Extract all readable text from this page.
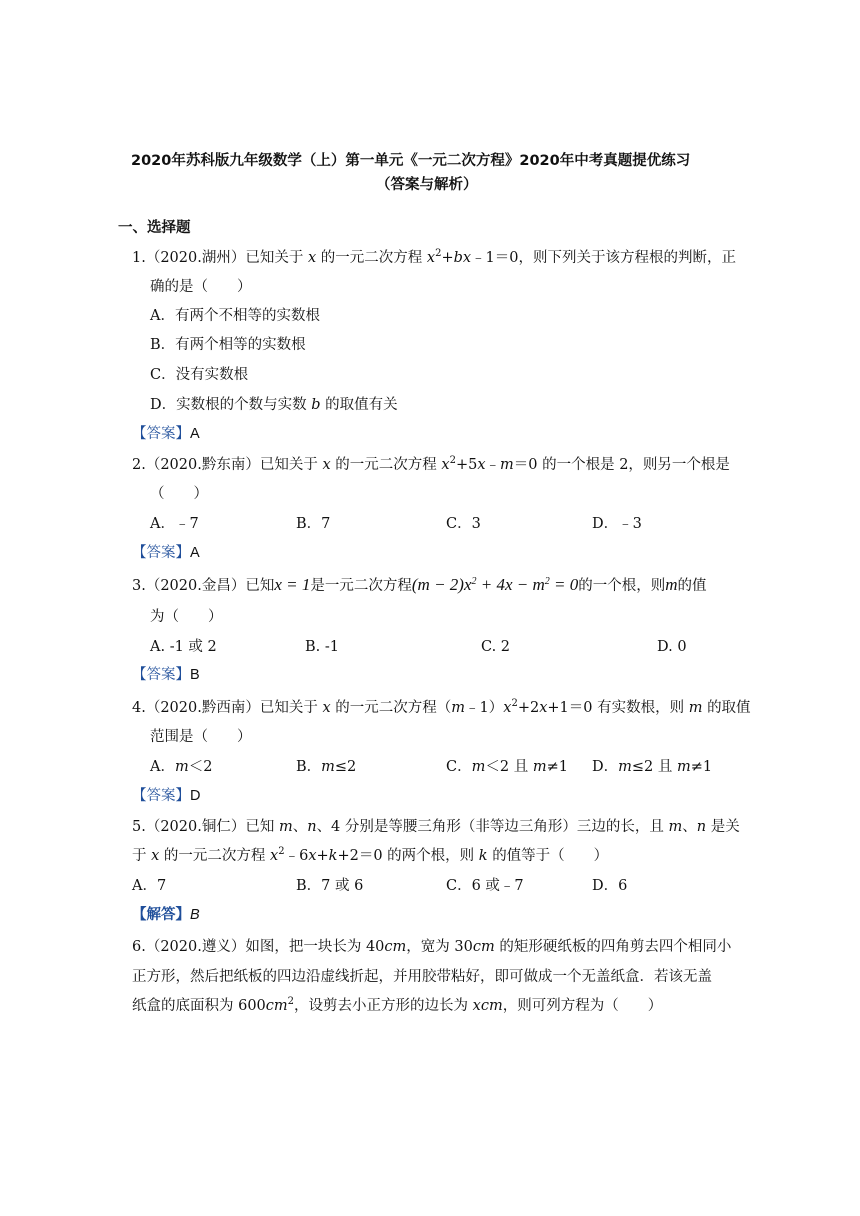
2020年苏科版九年级数学（上）第一单元《一元二次方程》2020年中考真题提优练习
（答案与解析）
一、选择题
1.（2020.湖州）已知关于 x 的一元二次方程 $x^2+bx﹣1=0$，则下列关于该方程根的判断，正
确的是（　　）
A．有两个不相等的实数根
B．有两个相等的实数根
C．没有实数根
D．实数根的个数与实数 b 的取值有关
【答案】A
2.（2020.黔东南）已知关于 x 的一元二次方程 $x^2+5x﹣m=0$ 的一个根是 2，则另一个根是
（　　）
A．﹣7	B．7	C．3	D．﹣3
【答案】A
3.（2020.金昌）已知x = 1是一元二次方程$(m - 2)x^2 + 4x - m^2 = 0$的一个根，则m的值
为（　　）
A. -1 或 2	B. -1	C. 2	D. 0
【答案】B
4.（2020.黔西南）已知关于 x 的一元二次方程$(m﹣1)x^2+2x+1=0$ 有实数根，则 m 的取值
范围是（　　）
A．m＜2	B．m≤2	C．m＜2 且 m≠1 D．m≤2 且 m≠1
【答案】D
5.（2020.铜仁）已知 m、n、4 分别是等腰三角形（非等边三角形）三边的长，且 m、n 是关
于 x 的一元二次方程 $x^2﹣6x+k+2=0$ 的两个根，则 k 的值等于（　　）
A．7	B．7 或 6	C．6 或﹣7	D．6
【解答】B
6.（2020.遵义）如图，把一块长为 40cm，宽为 30cm 的矩形硬纸板的四角剪去四个相同小
正方形，然后把纸板的四边沿虚线折起，并用胶带粘好，即可做成一个无盖纸盒．若该无盖
纸盒的底面积为 $600cm^2$，设剪去小正方形的边长为 xcm，则可列方程为（　　）
